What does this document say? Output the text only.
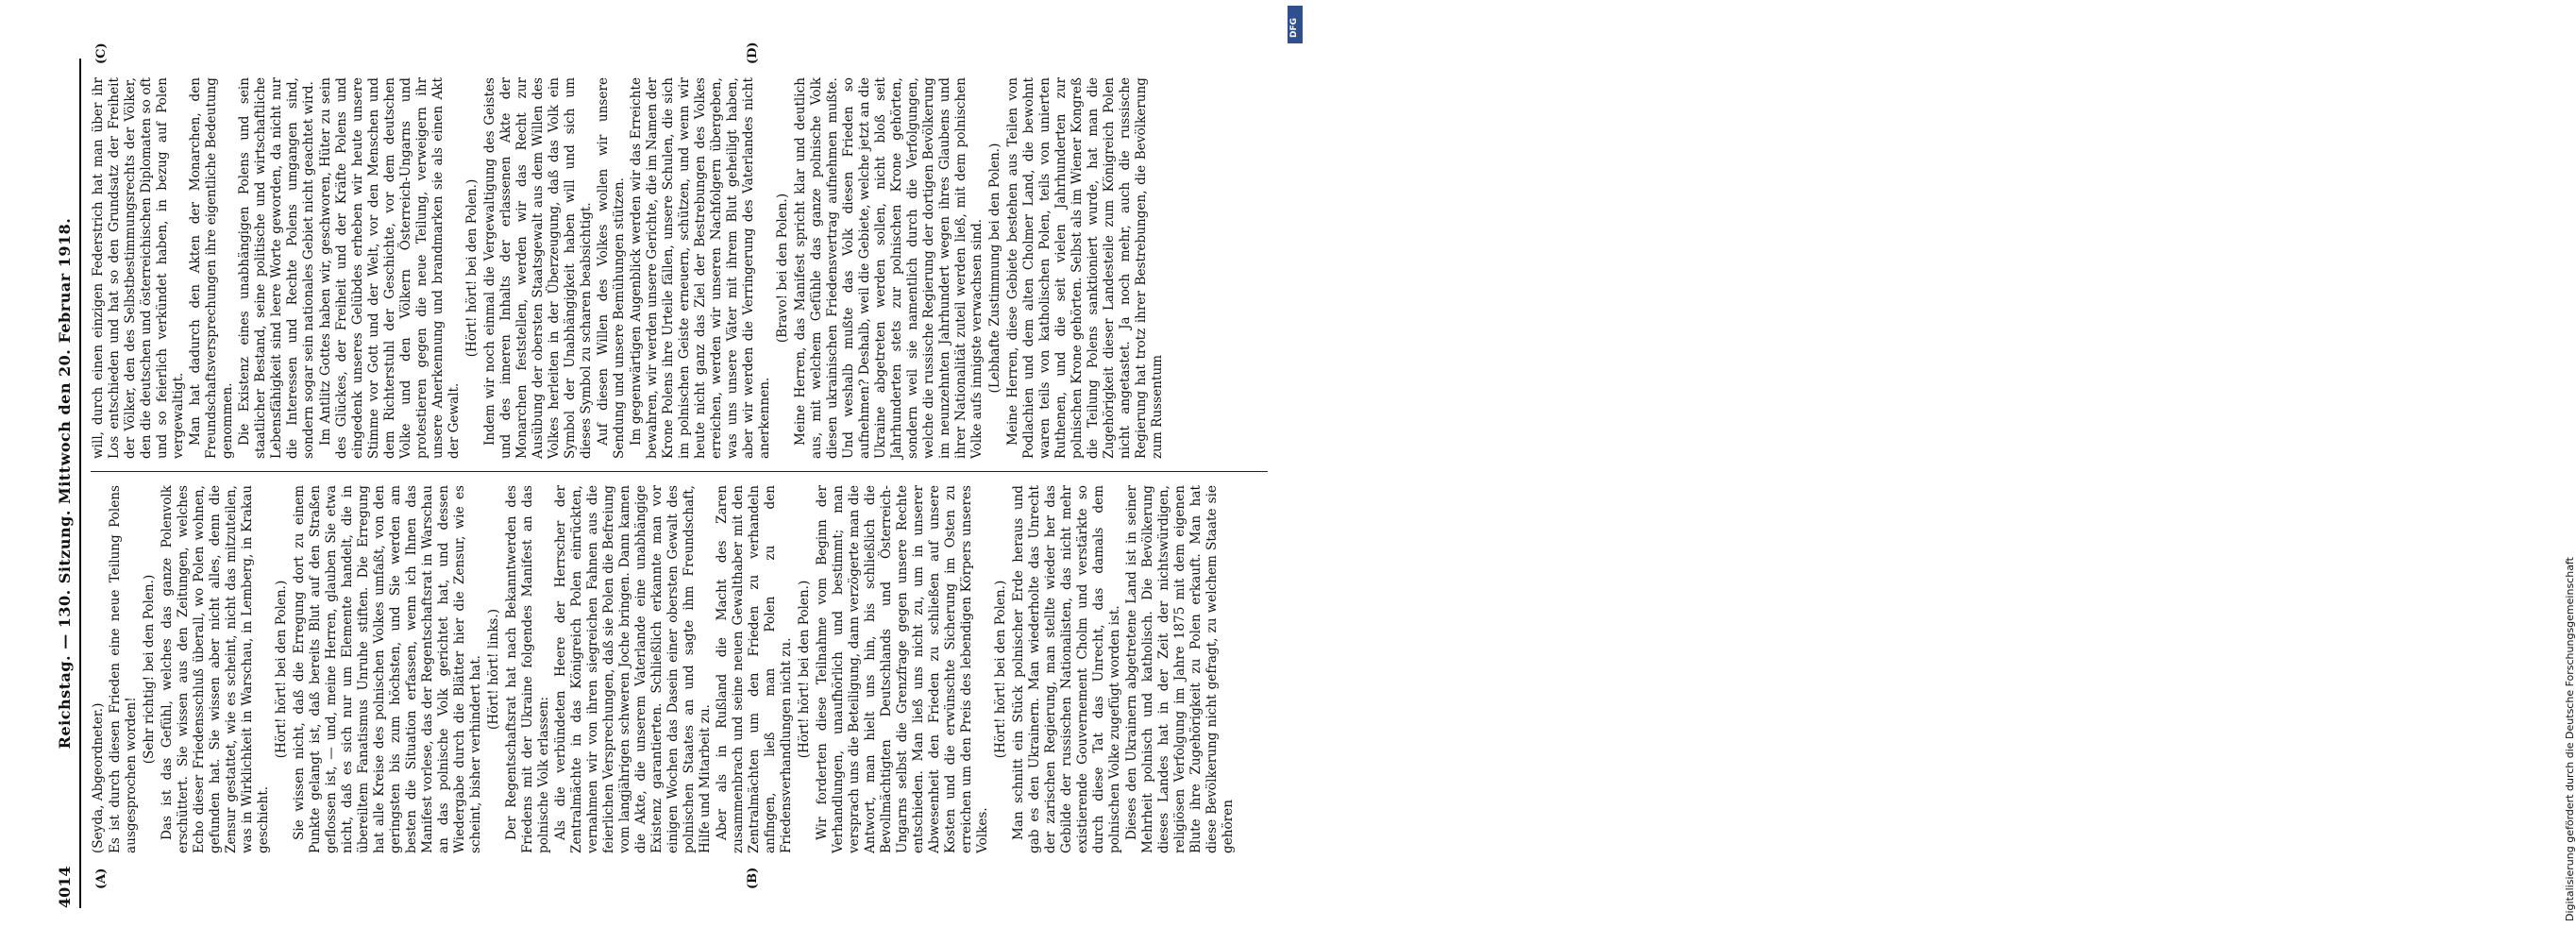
4014
Reichstag. — 130. Sitzung. Mittwoch den 20. Februar 1918.
(A)	(B)
(C)	(D)

(Seyda, Abgeordneter.) Es ist durch diesen Frieden eine neue Teilung Polens ausgesprochen worden!

(Sehr richtig! bei den Polen.) Das ist das Gefühl, welches das ganze Polenvolk erschüttert. Sie wissen aus den Zeitungen, welches Echo dieser Friedensschluß überall, wo Polen wohnen, gefunden hat. Sie wissen aber nicht alles, denn die Zensur gestattet, wie es scheint, nicht das mitzuteilen, was in Wirklichkeit in Warschau, in Lemberg, in Krakau geschieht.

(Hört! hört! bei den Polen.) Sie wissen nicht, daß die Erregung dort zu einem Punkte gelangt ist, daß bereits Blut auf den Straßen geflossen ist, — und, meine Herren, glauben Sie etwa nicht, daß es sich nur um Elemente handelt, die in übereiltem Fanatismus Unruhe stiften. Die Erregung hat alle Kreise des polnischen Volkes umfaßt, von den geringsten bis zum höchsten, und Sie werden am besten die Situation erfassen, wenn ich Ihnen das Manifest vorlese, das der Regentschaftsrat in Warschau an das polnische Volk gerichtet hat, und dessen Wiedergabe durch die Blätter hier die Zensur, wie es scheint, bisher verhindert hat. (Hört! hört! links.) Der Regentschaftsrat hat nach Bekanntwerden des Friedens mit der Ukraine folgendes Manifest an das polnische Volk erlassen: Als die verbündeten Heere der Herrscher der Zentralmächte in das Königreich Polen einrückten, vernahmen wir von ihren siegreichen Fahnen aus die feierlichen Versprechungen, daß sie Polen die Befreiung vom langjährigen schweren Joche bringen. Dann kamen die Akte, die unserem Vaterlande eine unabhängige Existenz garantierten. Schließlich erkannte man vor einigen Wochen das Dasein einer obersten Gewalt des polnischen Staates an und sagte ihm Freundschaft, Hilfe und Mitarbeit zu. Aber als in Rußland die Macht des Zaren zusammenbrach und seine neuen Gewalthaber mit den Zentralmächten um den Frieden zu verhandeln anfingen, ließ man Polen zu den Friedensverhandlungen nicht zu. (Hört! hört! bei den Polen.) Wir forderten diese Teilnahme vom Beginn der Verhandlungen, unaufhörlich und bestimmt; man versprach uns die Beteiligung, dann verzögerte man die Antwort, man hielt uns hin, bis schließlich die Bevollmächtigten Deutschlands und Österreich-Ungarns selbst die Grenzfrage gegen unsere Rechte entschieden. Man ließ uns nicht zu, um in unserer Abwesenheit den Frieden zu schließen auf unsere Kosten und die erwünschte Sicherung im Osten zu erreichen um den Preis des lebendigen Körpers unseres Volkes.

(Hört! hört! bei den Polen.) Man schnitt ein Stück polnischer Erde heraus und gab es den Ukrainern. Man wiederholte das Unrecht der zarischen Regierung, man stellte wieder her das Gebilde der russischen Nationalisten, das nicht mehr existierende Gouvernement Cholm und verstärkte so durch diese Tat das Unrecht, das damals dem polnischen Volke zugefügt worden ist. Dieses den Ukrainern abgetretene Land ist in seiner Mehrheit polnisch und katholisch. Die Bevölkerung dieses Landes hat in der Zeit der nichtswürdigen, religiösen Verfolgung im Jahre 1875 mit dem eigenen Blute ihre Zugehörigkeit zu Polen erkauft. Man hat diese Bevölkerung nicht gefragt, zu welchem Staate sie gehören

will, durch einen einzigen Federstrich hat man über ihr Los entschieden und hat so den Grundsatz der Freiheit der Völker, den des Selbstbestimmungsrechts der Völker, den die deutschen und österreichischen Diplomaten so oft und so feierlich verkündet haben, in bezug auf Polen vergewaltigt. Man hat dadurch den Akten der Monarchen, den Freundschaftsversprechungen ihre eigentliche Bedeutung genommen. Die Existenz eines unabhängigen Polens und sein staatlicher Bestand, seine politische und wirtschaftliche Lebensfähigkeit sind leere Worte geworden, da nicht nur die Interessen und Rechte Polens umgangen sind, sondern sogar sein nationales Gebiet nicht geachtet wird. Im Antlitz Gottes haben wir, geschworen, Hüter zu sein des Glückes, der Freiheit und der Kräfte Polens und eingedenk unseres Gelübdes erheben wir heute unsere Stimme vor Gott und der Welt, vor den Menschen und dem Richterstuhl der Geschichte, vor dem deutschen Volke und den Völkern Österreich-Ungarns und protestieren gegen die neue Teilung, verweigern ihr unsere Anerkennung und brandmarken sie als einen Akt der Gewalt.

(Hört! hört! bei den Polen.) Indem wir noch einmal die Vergewaltigung des Geistes und des inneren Inhalts der erlassenen Akte der Monarchen feststellen, werden wir das Recht zur Ausübung der obersten Staatsgewalt aus dem Willen des Volkes herleiten in der Überzeugung, daß das Volk ein Symbol der Unabhängigkeit haben will und sich um dieses Symbol zu scharen beabsichtigt. Auf diesen Willen des Volkes wollen wir unsere Sendung und unsere Bemühungen stützen. Im gegenwärtigen Augenblick werden wir das Erreichte bewahren, wir werden unsere Gerichte, die im Namen der Krone Polens ihre Urteile fällen, unsere Schulen, die sich im polnischen Geiste erneuern, schützen, und wenn wir heute nicht ganz das Ziel der Bestrebungen des Volkes erreichen, werden wir unseren Nachfolgern übergeben, was uns unsere Väter mit ihrem Blut geheiligt haben, aber wir werden die Verringerung des Vaterlandes nicht anerkennen.

(Bravo! bei den Polen.) Meine Herren, das Manifest spricht klar und deutlich aus, mit welchem Gefühle das ganze polnische Volk diesen ukrainischen Friedensvertrag aufnehmen mußte. Und weshalb mußte das Volk diesen Frieden so aufnehmen? Deshalb, weil die Gebiete, welche jetzt an die Ukraine abgetreten werden sollen, nicht bloß seit Jahrhunderten stets zur polnischen Krone gehörten, sondern weil sie namentlich durch die Verfolgungen, welche die russische Regierung der dortigen Bevölkerung im neunzehnten Jahrhundert wegen ihres Glaubens und ihrer Nationalität zuteil werden ließ, mit dem polnischen Volke aufs innigste verwachsen sind. (Lebhafte Zustimmung bei den Polen.) Meine Herren, diese Gebiete bestehen aus Teilen von Podlachien und dem alten Cholmer Land, die bewohnt waren teils von katholischen Polen, teils von unierten Ruthenen, und die seit vielen Jahrhunderten zur polnischen Krone gehörten. Selbst als im Wiener Kongreß die Teilung Polens sanktioniert wurde, hat man die Zugehörigkeit dieser Landesteile zum Königreich Polen nicht angetastet. Ja noch mehr, auch die russische Regierung hat trotz ihrer Bestrebungen, die Bevölkerung zum Russentum

DFG
Digitalisierung gefördert durch die Deutsche Forschungsgemeinschaft
